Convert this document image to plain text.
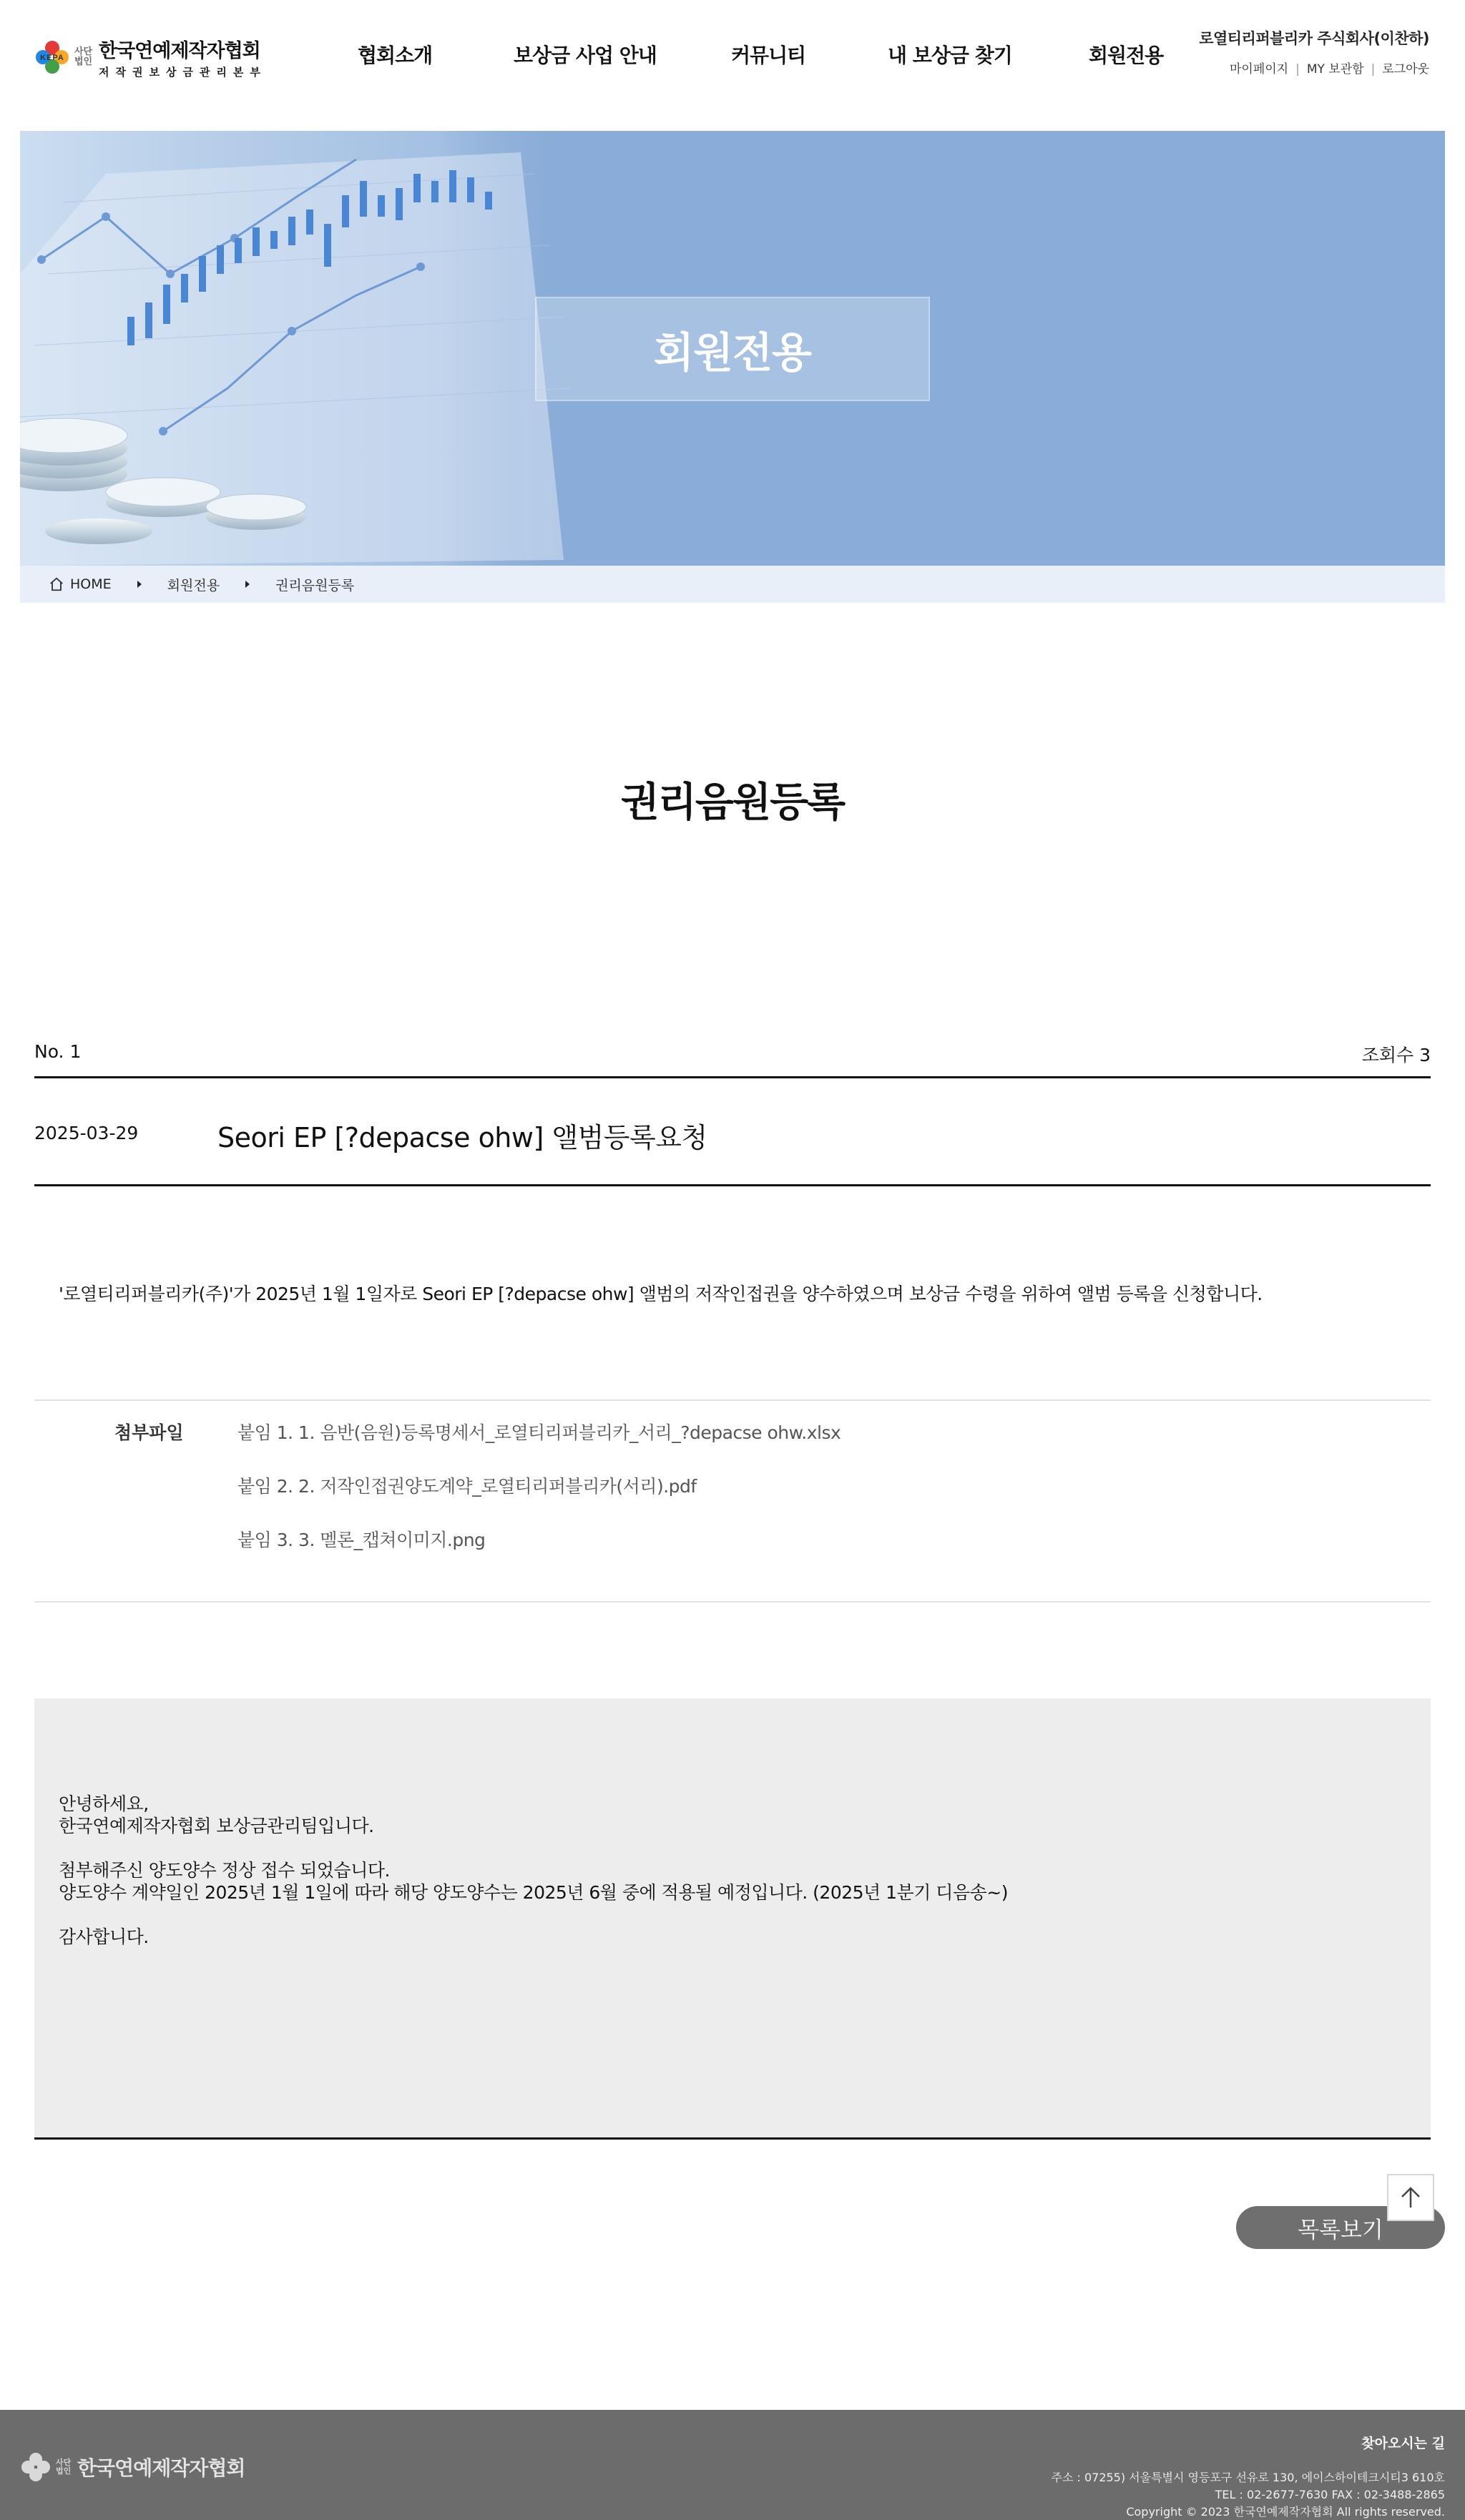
KEPA
사단법인 한국연예제작자협회
저작권보상금관리본부
협회소개	보상금 사업 안내	커뮤니티	내 보상금 찾기	회원전용
로열티리퍼블리카 주식회사(이찬하)
마이페이지 | MY 보관함 | 로그아웃
회원전용
HOME	회원전용	권리음원등록
권리음원등록
No. 1	조회수 3
2025-03-29	Seori EP [?depacse ohw] 앨범등록요청
'로열티리퍼블리카(주)'가 2025년 1월 1일자로 Seori EP [?depacse ohw] 앨범의 저작인접권을 양수하였으며 보상금 수령을 위하여 앨범 등록을 신청합니다.
첨부파일	붙임 1. 1. 음반(음원)등록명세서_로열티리퍼블리카_서리_?depacse ohw.xlsx
붙임 2. 2. 저작인접권양도계약_로열티리퍼블리카(서리).pdf
붙임 3. 3. 멜론_캡쳐이미지.png
안녕하세요,
한국연예제작자협회 보상금관리팀입니다.

첨부해주신 양도양수 정상 접수 되었습니다.
양도양수 계약일인 2025년 1월 1일에 따라 해당 양도양수는 2025년 6월 중에 적용될 예정입니다. (2025년 1분기 디음송~)

감사합니다.
목록보기
사단법인 한국연예제작자협회
찾아오시는 길
주소 : 07255) 서울특별시 영등포구 선유로 130, 에이스하이테크시티3 610호
TEL : 02-2677-7630 FAX : 02-3488-2865
Copyright © 2023 한국연예제작자협회 All rights reserved.
